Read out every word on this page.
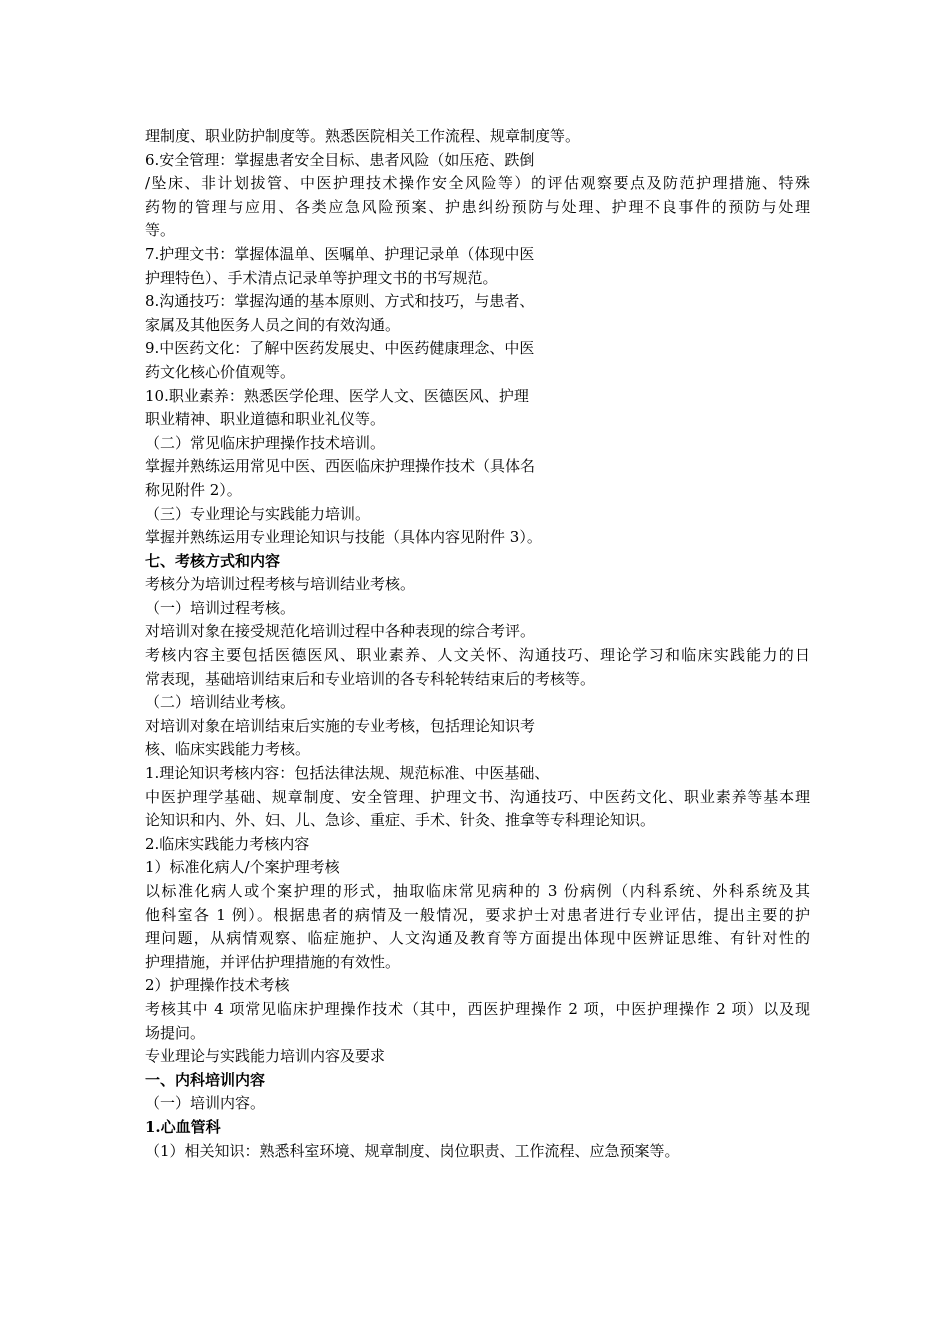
理制度、职业防护制度等。熟悉医院相关工作流程、规章制度等。
6.安全管理：掌握患者安全目标、患者风险（如压疮、跌倒
/坠床、非计划拔管、中医护理技术操作安全风险等）的评估观察要点及防范护理措施、特殊
药物的管理与应用、各类应急风险预案、护患纠纷预防与处理、护理不良事件的预防与处理
等。
7.护理文书：掌握体温单、医嘱单、护理记录单（体现中医
护理特色）、手术清点记录单等护理文书的书写规范。
8.沟通技巧：掌握沟通的基本原则、方式和技巧，与患者、
家属及其他医务人员之间的有效沟通。
9.中医药文化：了解中医药发展史、中医药健康理念、中医
药文化核心价值观等。
10.职业素养：熟悉医学伦理、医学人文、医德医风、护理
职业精神、职业道德和职业礼仪等。
（二）常见临床护理操作技术培训。
掌握并熟练运用常见中医、西医临床护理操作技术（具体名
称见附件 2）。
（三）专业理论与实践能力培训。
掌握并熟练运用专业理论知识与技能（具体内容见附件 3）。
七、考核方式和内容
考核分为培训过程考核与培训结业考核。
（一）培训过程考核。
对培训对象在接受规范化培训过程中各种表现的综合考评。
考核内容主要包括医德医风、职业素养、人文关怀、沟通技巧、理论学习和临床实践能力的日
常表现，基础培训结束后和专业培训的各专科轮转结束后的考核等。
（二）培训结业考核。
对培训对象在培训结束后实施的专业考核，包括理论知识考
核、临床实践能力考核。
1.理论知识考核内容：包括法律法规、规范标准、中医基础、
中医护理学基础、规章制度、安全管理、护理文书、沟通技巧、中医药文化、职业素养等基本理
论知识和内、外、妇、儿、急诊、重症、手术、针灸、推拿等专科理论知识。
2.临床实践能力考核内容
1）标准化病人/个案护理考核
以标准化病人或个案护理的形式，抽取临床常见病种的 3 份病例（内科系统、外科系统及其
他科室各 1 例）。根据患者的病情及一般情况，要求护士对患者进行专业评估，提出主要的护
理问题，从病情观察、临症施护、人文沟通及教育等方面提出体现中医辨证思维、有针对性的
护理措施，并评估护理措施的有效性。
2）护理操作技术考核
考核其中 4 项常见临床护理操作技术（其中，西医护理操作 2 项，中医护理操作 2 项）以及现
场提问。
专业理论与实践能力培训内容及要求
一、内科培训内容
（一）培训内容。
1.心血管科
（1）相关知识：熟悉科室环境、规章制度、岗位职责、工作流程、应急预案等。
